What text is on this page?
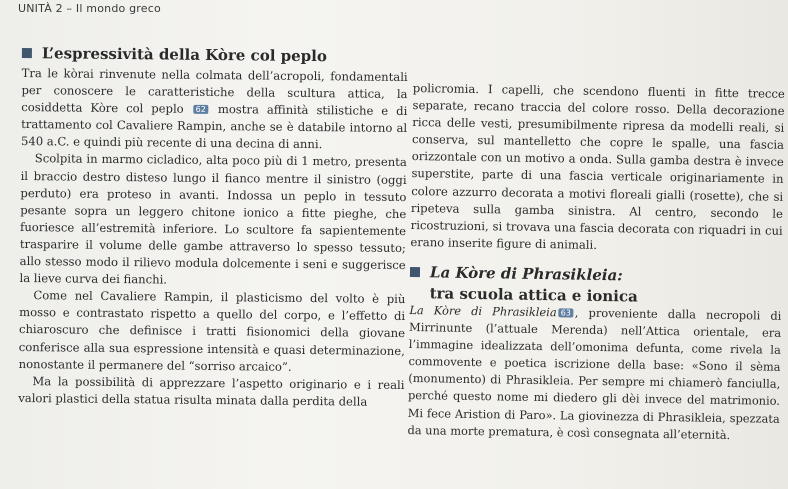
UNITÀ 2 – Il mondo greco
L’espressività della Kòre col peplo

Tra le kòrai rinvenute nella colmata dell’acropoli, fondamentali per conoscere le caratteristiche della scultura attica, la cosiddetta Kòre col peplo 62 mostra affinità stilistiche e di trattamento col Cavaliere Rampin, anche se è databile intorno al 540 a.C. e quindi più recente di una decina di anni.

Scolpita in marmo cicladico, alta poco più di 1 metro, presenta il braccio destro disteso lungo il fianco mentre il sinistro (oggi perduto) era proteso in avanti. Indossa un peplo in tessuto pesante sopra un leggero chitone ionico a fitte pieghe, che fuoriesce all’estremità inferiore. Lo scultore fa sapientemente trasparire il volume delle gambe attraverso lo spesso tessuto; allo stesso modo il rilievo modula dolcemente i seni e suggerisce la lieve curva dei fianchi.

Come nel Cavaliere Rampin, il plasticismo del volto è più mosso e contrastato rispetto a quello del corpo, e l’effetto di chiaroscuro che definisce i tratti fisionomici della giovane conferisce alla sua espressione intensità e quasi determinazione, nonostante il permanere del “sorriso arcaico”.

Ma la possibilità di apprezzare l’aspetto originario e i reali valori plastici della statua risulta minata dalla perdita della

policromia. I capelli, che scendono fluenti in fitte trecce separate, recano traccia del colore rosso. Della decorazione ricca delle vesti, presumibilmente ripresa da modelli reali, si conserva, sul mantelletto che copre le spalle, una fascia orizzontale con un motivo a onda. Sulla gamba destra è invece superstite, parte di una fascia verticale originariamente in colore azzurro decorata a motivi floreali gialli (rosette), che si ripeteva sulla gamba sinistra. Al centro, secondo le ricostruzioni, si trovava una fascia decorata con riquadri in cui erano inserite figure di animali.

La Kòre di Phrasikleia:
tra scuola attica e ionica

La Kòre di Phrasikleia 63 , proveniente dalla necropoli di Mirrinunte (l’attuale Merenda) nell’Attica orientale, era l’immagine idealizzata dell’omonima defunta, come rivela la commovente e poetica iscrizione della base: «Sono il sèma (monumento) di Phrasikleia. Per sempre mi chiamerò fanciulla, perché questo nome mi diedero gli dèi invece del matrimonio. Mi fece Aristion di Paro». La giovinezza di Phrasikleia, spezzata da una morte prematura, è così consegnata all’eternità.
